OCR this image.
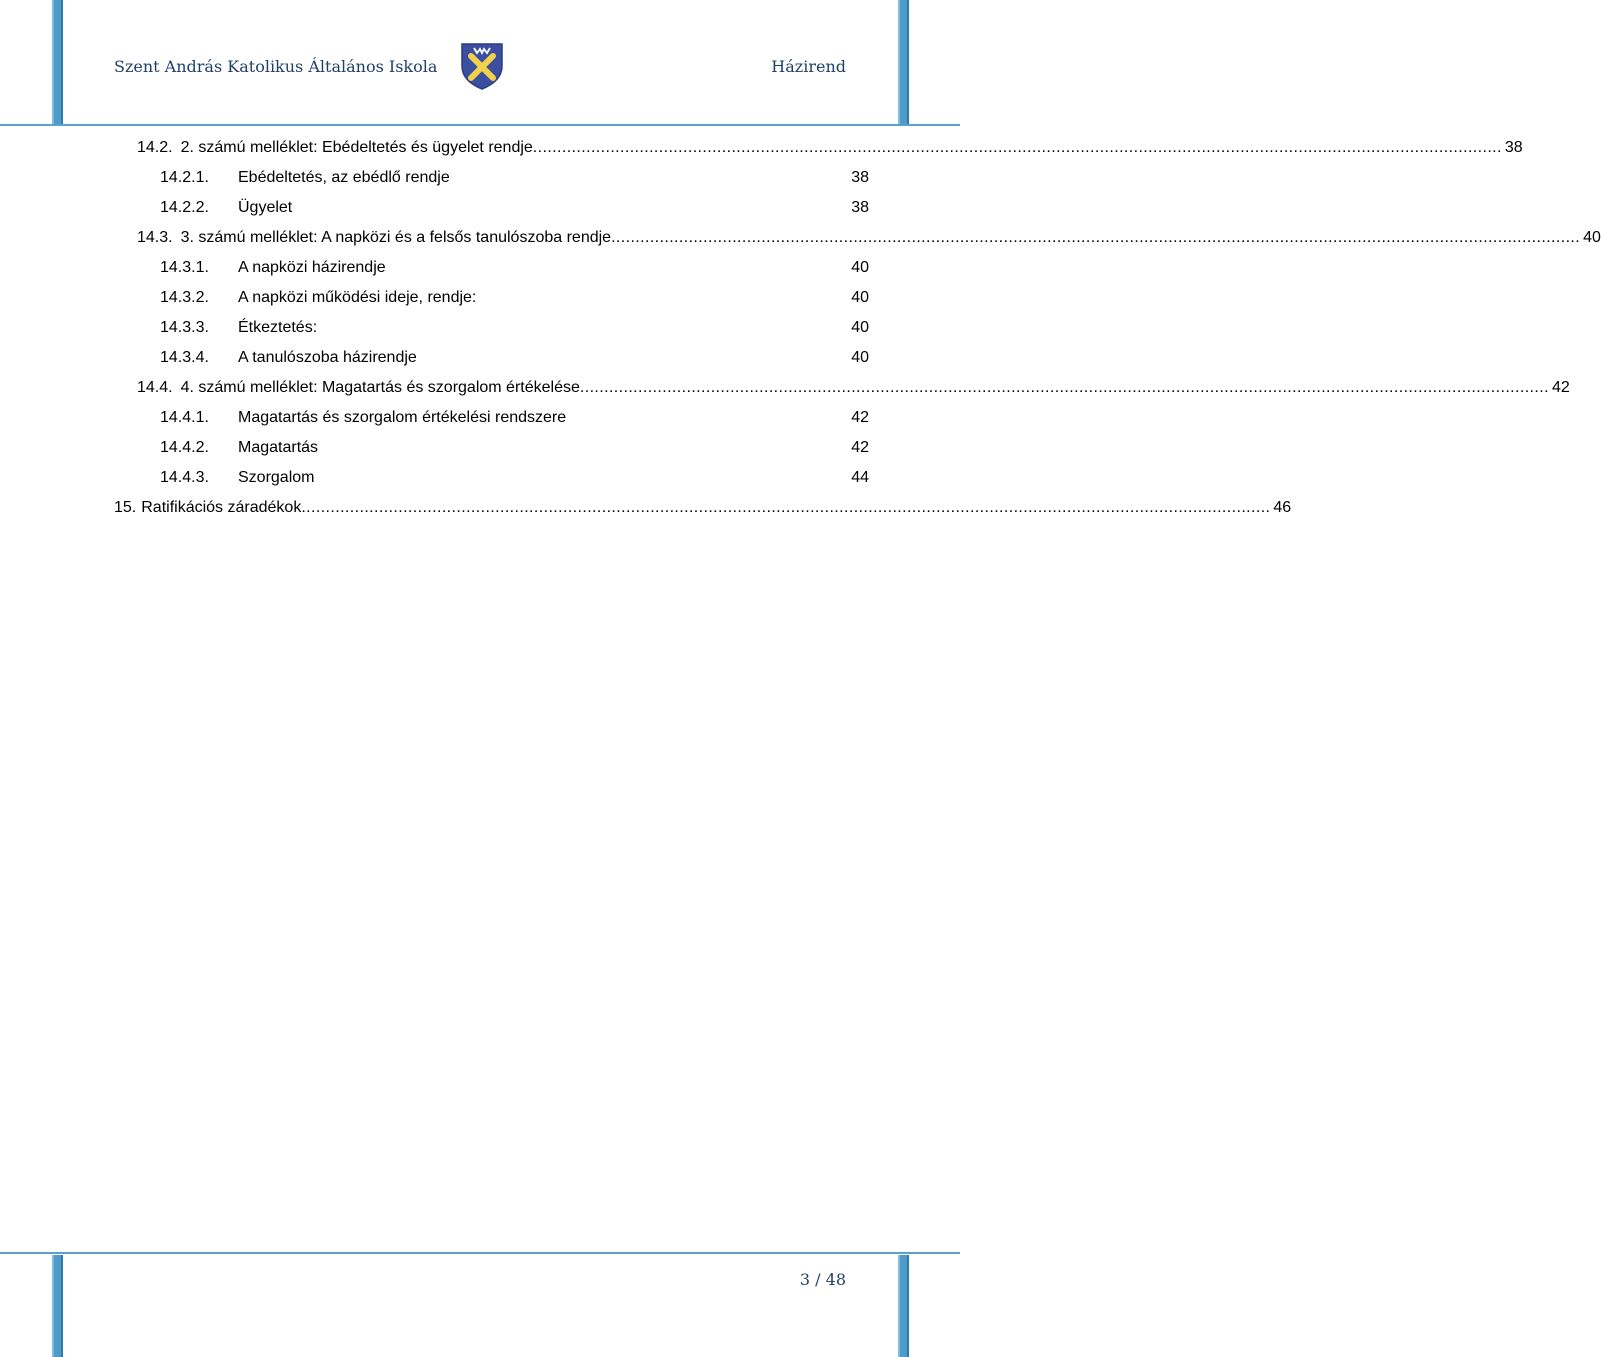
Szent András Katolikus Általános Iskola	Házirend
14.2. 2. számú melléklet: Ebédeltetés és ügyelet rendje ........................................................................................................................................................................................................ 38
14.2.1. Ebédeltetés, az ebédlő rendje	38
14.2.2. Ügyelet	38
14.3. 3. számú melléklet: A napközi és a felsős tanulószoba rendje ........................................................................................................................................................................................................ 40
14.3.1. A napközi házirendje	40
14.3.2. A napközi működési ideje, rendje:	40
14.3.3. Étkeztetés:	40
14.3.4. A tanulószoba házirendje	40
14.4. 4. számú melléklet: Magatartás és szorgalom értékelése ........................................................................................................................................................................................................ 42
14.4.1. Magatartás és szorgalom értékelési rendszere	42
14.4.2. Magatartás	42
14.4.3. Szorgalom	44
15. Ratifikációs záradékok ........................................................................................................................................................................................................ 46
3 / 48
